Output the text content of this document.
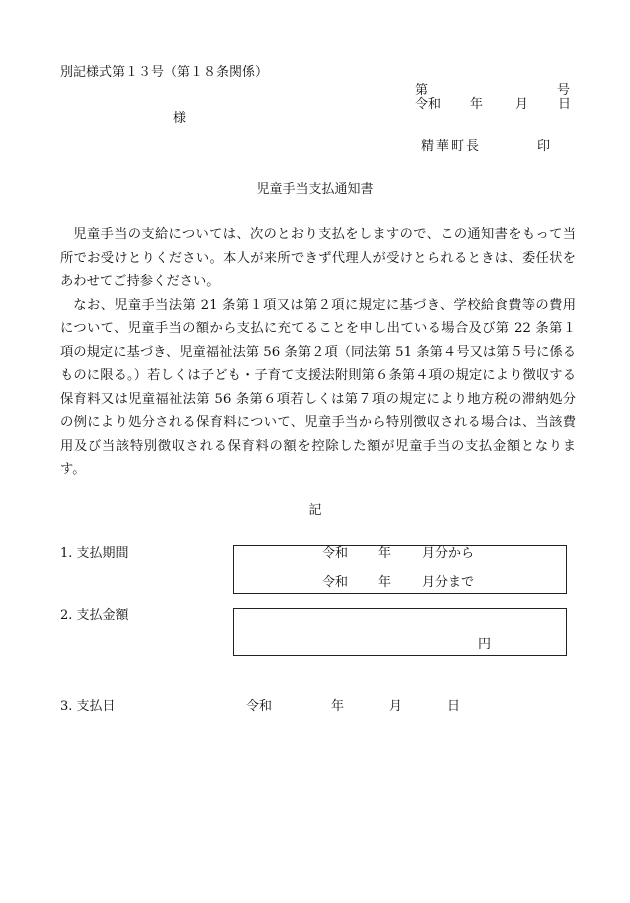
別記様式第１３号（第１８条関係）
第	号
令和 年 月 日
様
精華町長	印
児童手当支払通知書

児童手当の支給については、次のとおり支払をしますので、この通知書をもって当所でお受けとりください。本人が来所できず代理人が受けとられるときは、委任状をあわせてご持参ください。

なお、児童手当法第 21 条第１項又は第２項に規定に基づき、学校給食費等の費用について、児童手当の額から支払に充てることを申し出ている場合及び第 22 条第１項の規定に基づき、児童福祉法第 56 条第２項（同法第 51 条第４号又は第５号に係るものに限る。）若しくは子ども・子育て支援法附則第６条第４項の規定により徴収する保育料又は児童福祉法第 56 条第６項若しくは第７項の規定により地方税の滞納処分の例により処分される保育料について、児童手当から特別徴収される場合は、当該費用及び当該特別徴収される保育料の額を控除した額が児童手当の支払金額となります。

記
1. 支払期間	令和 年 月分から
令和 年 月分まで
2. 支払金額
円
3. 支払日	令和	年	月	日
